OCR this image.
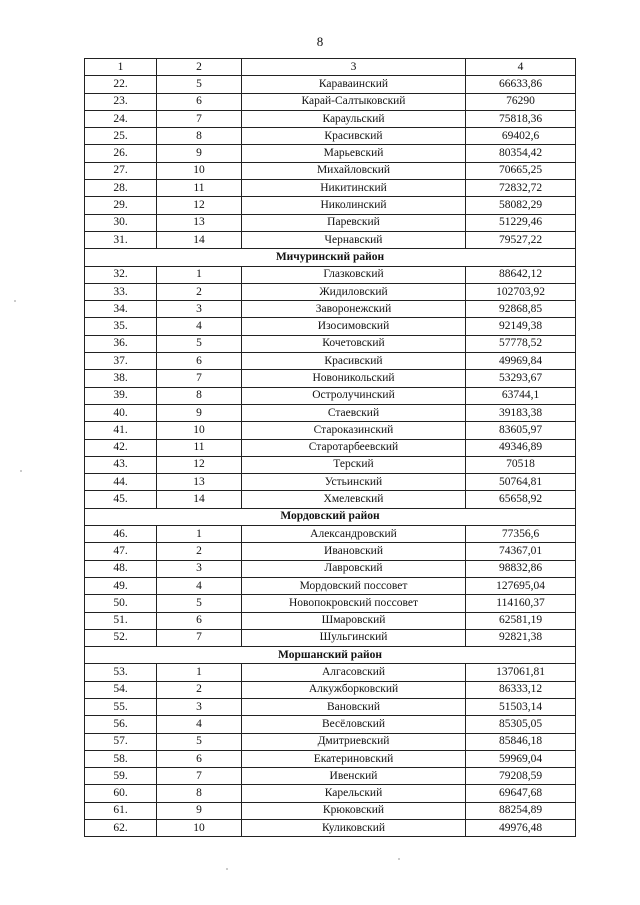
8
1	2	3	4
22.	5	Караваинский	66633,86
23.	6	Карай-Салтыковский	76290
24.	7	Караульский	75818,36
25.	8	Красивский	69402,6
26.	9	Марьевский	80354,42
27.	10	Михайловский	70665,25
28.	11	Никитинский	72832,72
29.	12	Николинский	58082,29
30.	13	Паревский	51229,46
31.	14	Чернавский	79527,22
Мичуринский район			
32.	1	Глазковский	88642,12
33.	2	Жидиловский	102703,92
34.	3	Заворонежский	92868,85
35.	4	Изосимовский	92149,38
36.	5	Кочетовский	57778,52
37.	6	Красивский	49969,84
38.	7	Новоникольский	53293,67
39.	8	Остролучинский	63744,1
40.	9	Стаевский	39183,38
41.	10	Староказинский	83605,97
42.	11	Старотарбеевский	49346,89
43.	12	Терский	70518
44.	13	Устьинский	50764,81
45.	14	Хмелевский	65658,92
Мордовский район			
46.	1	Александровский	77356,6
47.	2	Ивановский	74367,01
48.	3	Лавровский	98832,86
49.	4	Мордовский поссовет	127695,04
50.	5	Новопокровский поссовет	114160,37
51.	6	Шмаровский	62581,19
52.	7	Шульгинский	92821,38
Моршанский район			
53.	1	Алгасовский	137061,81
54.	2	Алкужборковский	86333,12
55.	3	Вановский	51503,14
56.	4	Весёловский	85305,05
57.	5	Дмитриевский	85846,18
58.	6	Екатериновский	59969,04
59.	7	Ивенский	79208,59
60.	8	Карельский	69647,68
61.	9	Крюковский	88254,89
62.	10	Куликовский	49976,48
